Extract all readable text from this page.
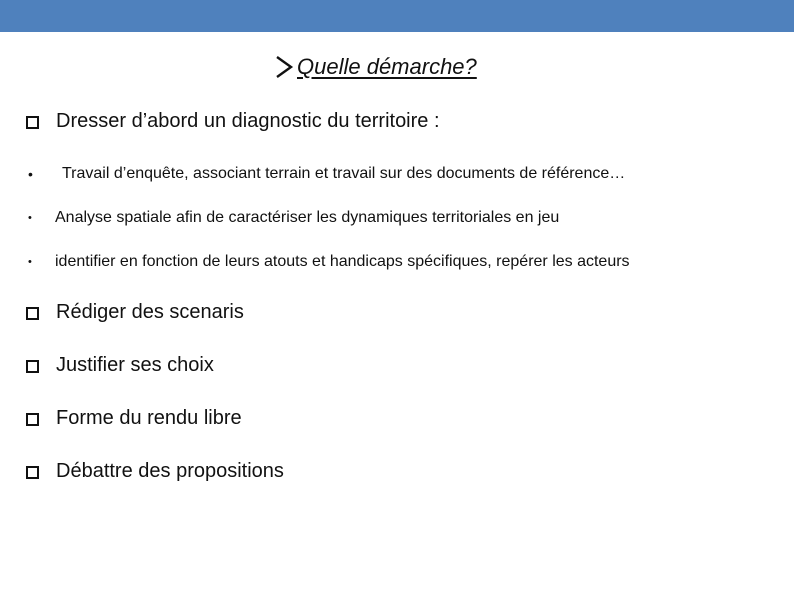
Quelle démarche?
Dresser d’abord un diagnostic du territoire :
•	Travail d’enquête, associant terrain et travail sur des documents de référence…
•	Analyse spatiale afin de caractériser les dynamiques territoriales en jeu
•	identifier en fonction de leurs atouts et handicaps spécifiques, repérer les acteurs
Rédiger des scenaris
Justifier ses choix
Forme du rendu libre
Débattre des propositions
